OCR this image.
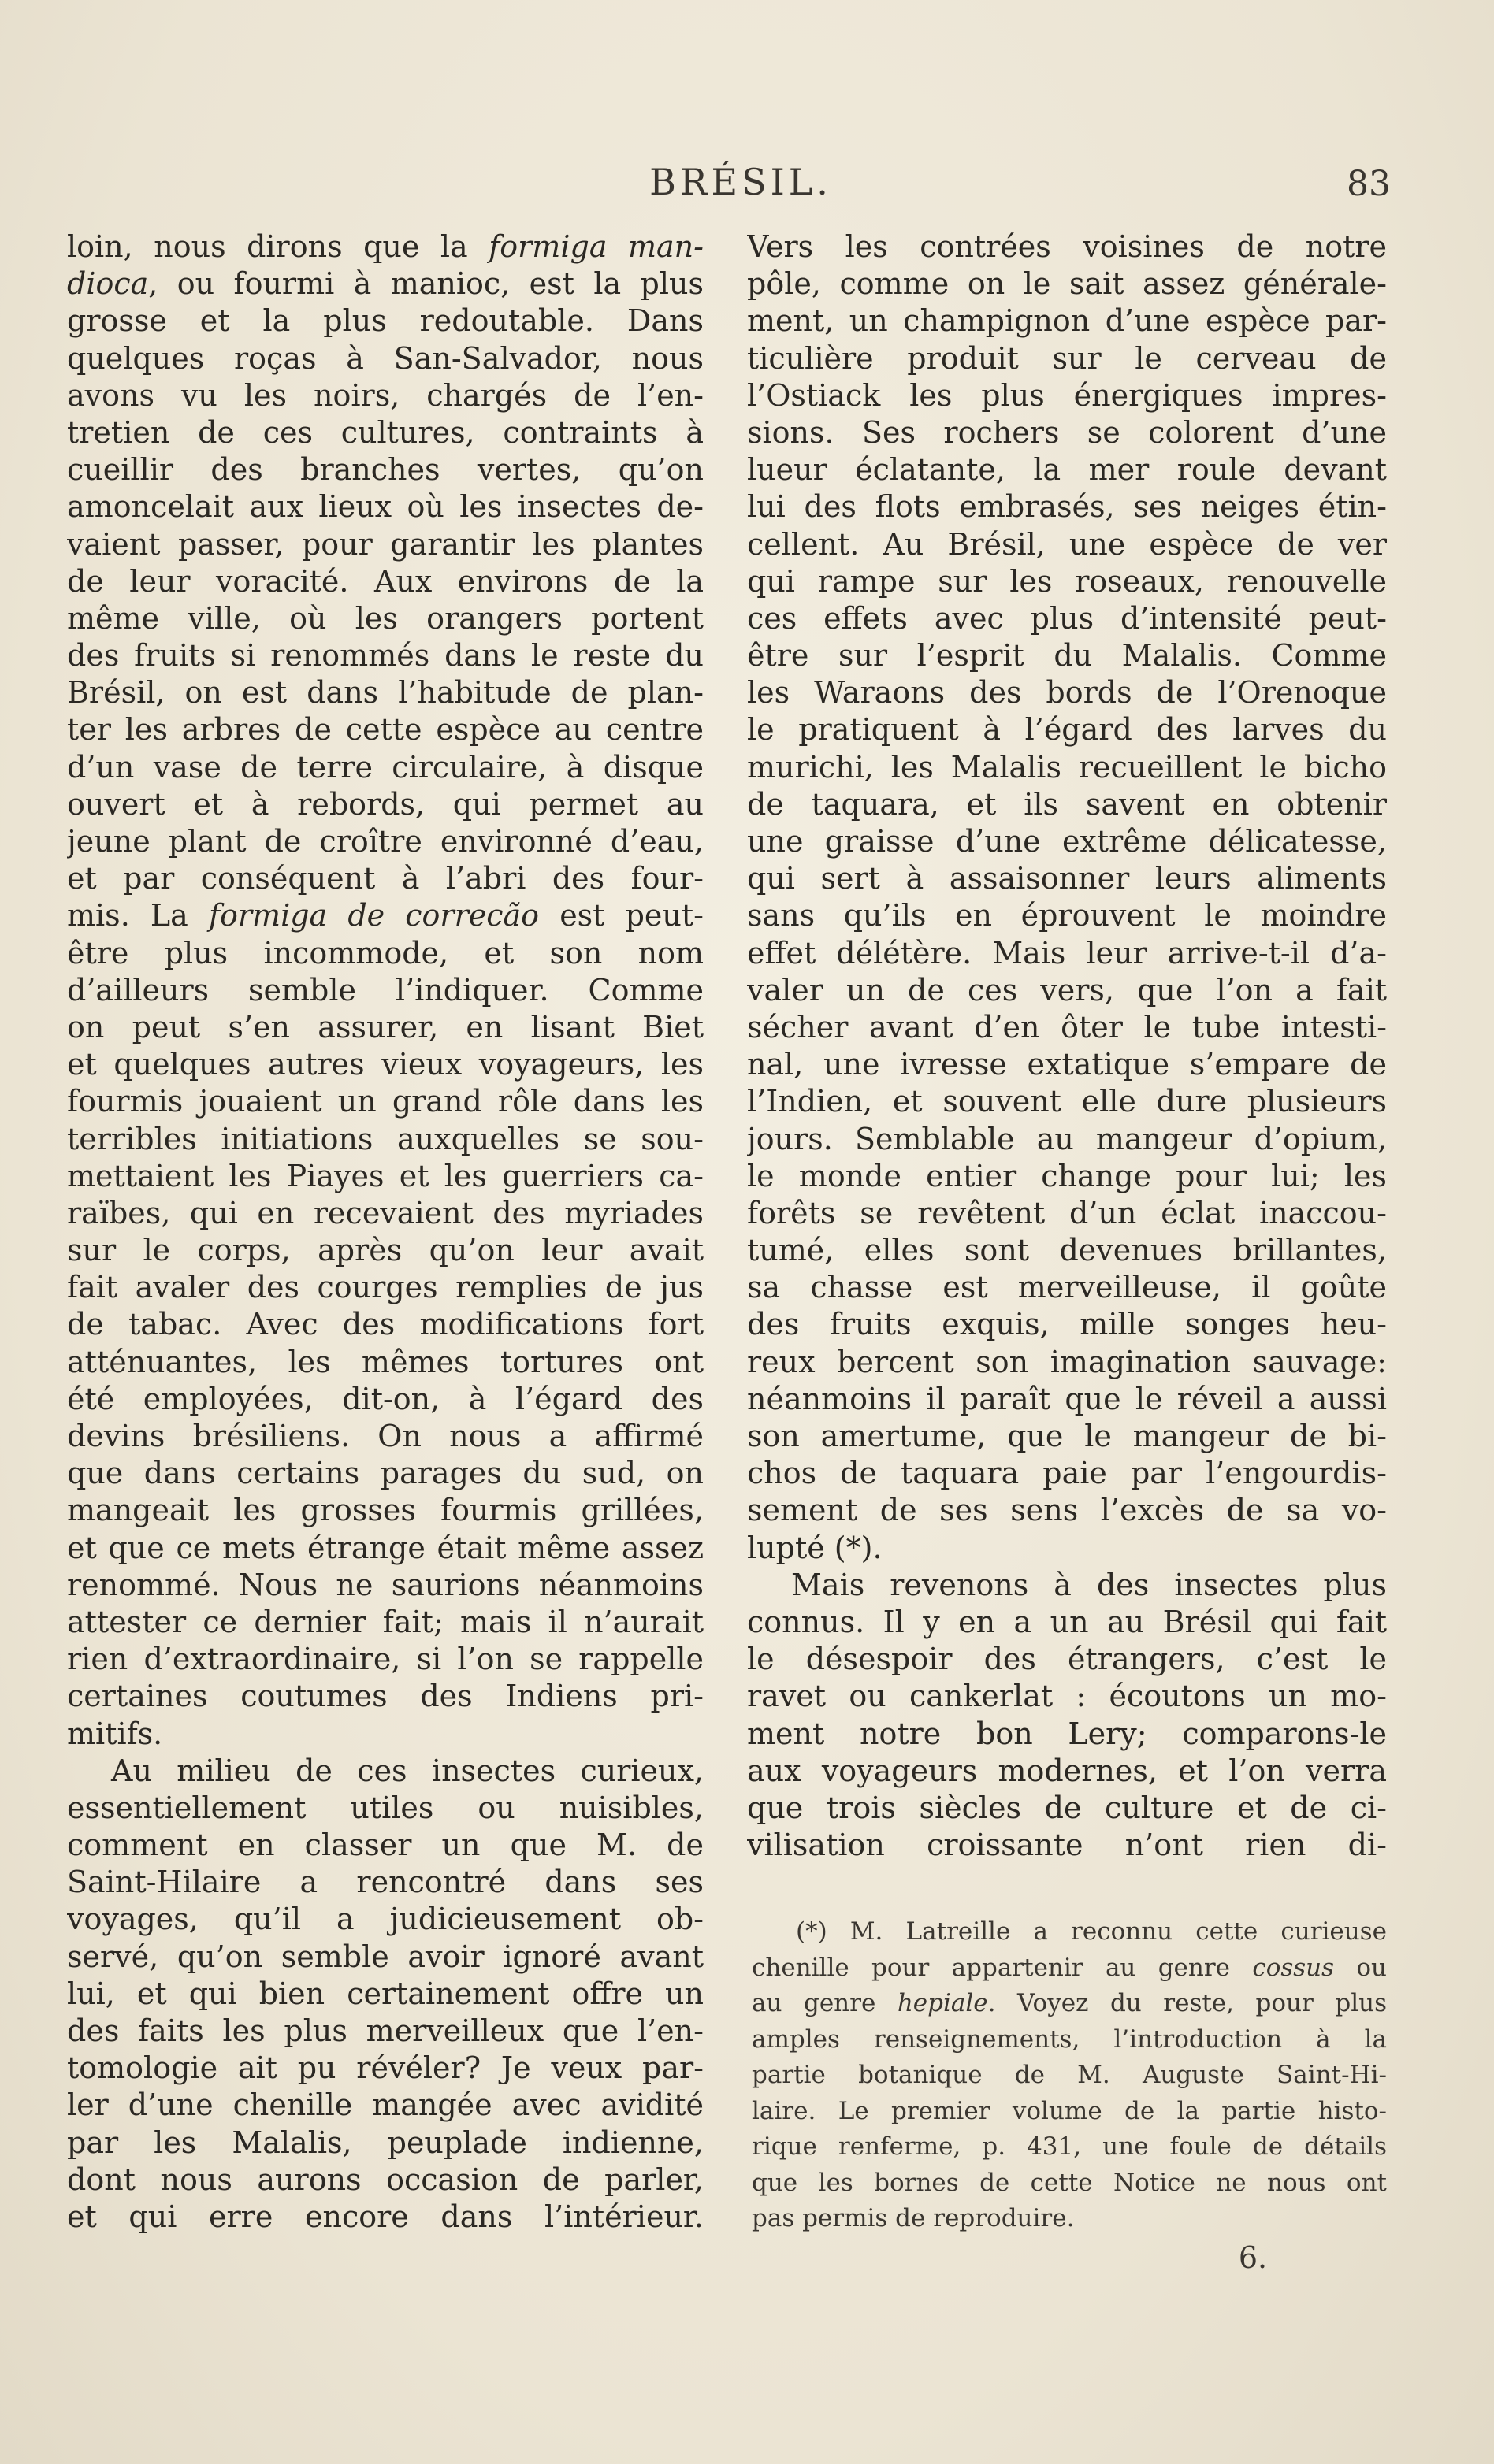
BRÉSIL.	83
loin, nous dirons que la formiga man-
dioca, ou fourmi à manioc, est la plus
grosse et la plus redoutable. Dans
quelques roças à San-Salvador, nous
avons vu les noirs, chargés de l’en-
tretien de ces cultures, contraints à
cueillir des branches vertes, qu’on
amoncelait aux lieux où les insectes de-
vaient passer, pour garantir les plantes
de leur voracité. Aux environs de la
même ville, où les orangers portent
des fruits si renommés dans le reste du
Brésil, on est dans l’habitude de plan-
ter les arbres de cette espèce au centre
d’un vase de terre circulaire, à disque
ouvert et à rebords, qui permet au
jeune plant de croître environné d’eau,
et par conséquent à l’abri des four-
mis. La formiga de correcão est peut-
être plus incommode, et son nom
d’ailleurs semble l’indiquer. Comme
on peut s’en assurer, en lisant Biet
et quelques autres vieux voyageurs, les
fourmis jouaient un grand rôle dans les
terribles initiations auxquelles se sou-
mettaient les Piayes et les guerriers ca-
raïbes, qui en recevaient des myriades
sur le corps, après qu’on leur avait
fait avaler des courges remplies de jus
de tabac. Avec des modifications fort
atténuantes, les mêmes tortures ont
été employées, dit-on, à l’égard des
devins brésiliens. On nous a affirmé
que dans certains parages du sud, on
mangeait les grosses fourmis grillées,
et que ce mets étrange était même assez
renommé. Nous ne saurions néanmoins
attester ce dernier fait; mais il n’aurait
rien d’extraordinaire, si l’on se rappelle
certaines coutumes des Indiens pri-
mitifs.
Au milieu de ces insectes curieux,
essentiellement utiles ou nuisibles,
comment en classer un que M. de
Saint-Hilaire a rencontré dans ses
voyages, qu’il a judicieusement ob-
servé, qu’on semble avoir ignoré avant
lui, et qui bien certainement offre un
des faits les plus merveilleux que l’en-
tomologie ait pu révéler? Je veux par-
ler d’une chenille mangée avec avidité
par les Malalis, peuplade indienne,
dont nous aurons occasion de parler,
et qui erre encore dans l’intérieur.
Vers les contrées voisines de notre
pôle, comme on le sait assez générale-
ment, un champignon d’une espèce par-
ticulière produit sur le cerveau de
l’Ostiack les plus énergiques impres-
sions. Ses rochers se colorent d’une
lueur éclatante, la mer roule devant
lui des flots embrasés, ses neiges étin-
cellent. Au Brésil, une espèce de ver
qui rampe sur les roseaux, renouvelle
ces effets avec plus d’intensité peut-
être sur l’esprit du Malalis. Comme
les Waraons des bords de l’Orenoque
le pratiquent à l’égard des larves du
murichi, les Malalis recueillent le bicho
de taquara, et ils savent en obtenir
une graisse d’une extrême délicatesse,
qui sert à assaisonner leurs aliments
sans qu’ils en éprouvent le moindre
effet délétère. Mais leur arrive-t-il d’a-
valer un de ces vers, que l’on a fait
sécher avant d’en ôter le tube intesti-
nal, une ivresse extatique s’empare de
l’Indien, et souvent elle dure plusieurs
jours. Semblable au mangeur d’opium,
le monde entier change pour lui; les
forêts se revêtent d’un éclat inaccou-
tumé, elles sont devenues brillantes,
sa chasse est merveilleuse, il goûte
des fruits exquis, mille songes heu-
reux bercent son imagination sauvage:
néanmoins il paraît que le réveil a aussi
son amertume, que le mangeur de bi-
chos de taquara paie par l’engourdis-
sement de ses sens l’excès de sa vo-
lupté (*).
Mais revenons à des insectes plus
connus. Il y en a un au Brésil qui fait
le désespoir des étrangers, c’est le
ravet ou cankerlat : écoutons un mo-
ment notre bon Lery; comparons-le
aux voyageurs modernes, et l’on verra
que trois siècles de culture et de ci-
vilisation croissante n’ont rien di-
(*) M. Latreille a reconnu cette curieuse
chenille pour appartenir au genre cossus ou
au genre hepiale. Voyez du reste, pour plus
amples renseignements, l’introduction à la
partie botanique de M. Auguste Saint-Hi-
laire. Le premier volume de la partie histo-
rique renferme, p. 431, une foule de détails
que les bornes de cette Notice ne nous ont
pas permis de reproduire.
6.
